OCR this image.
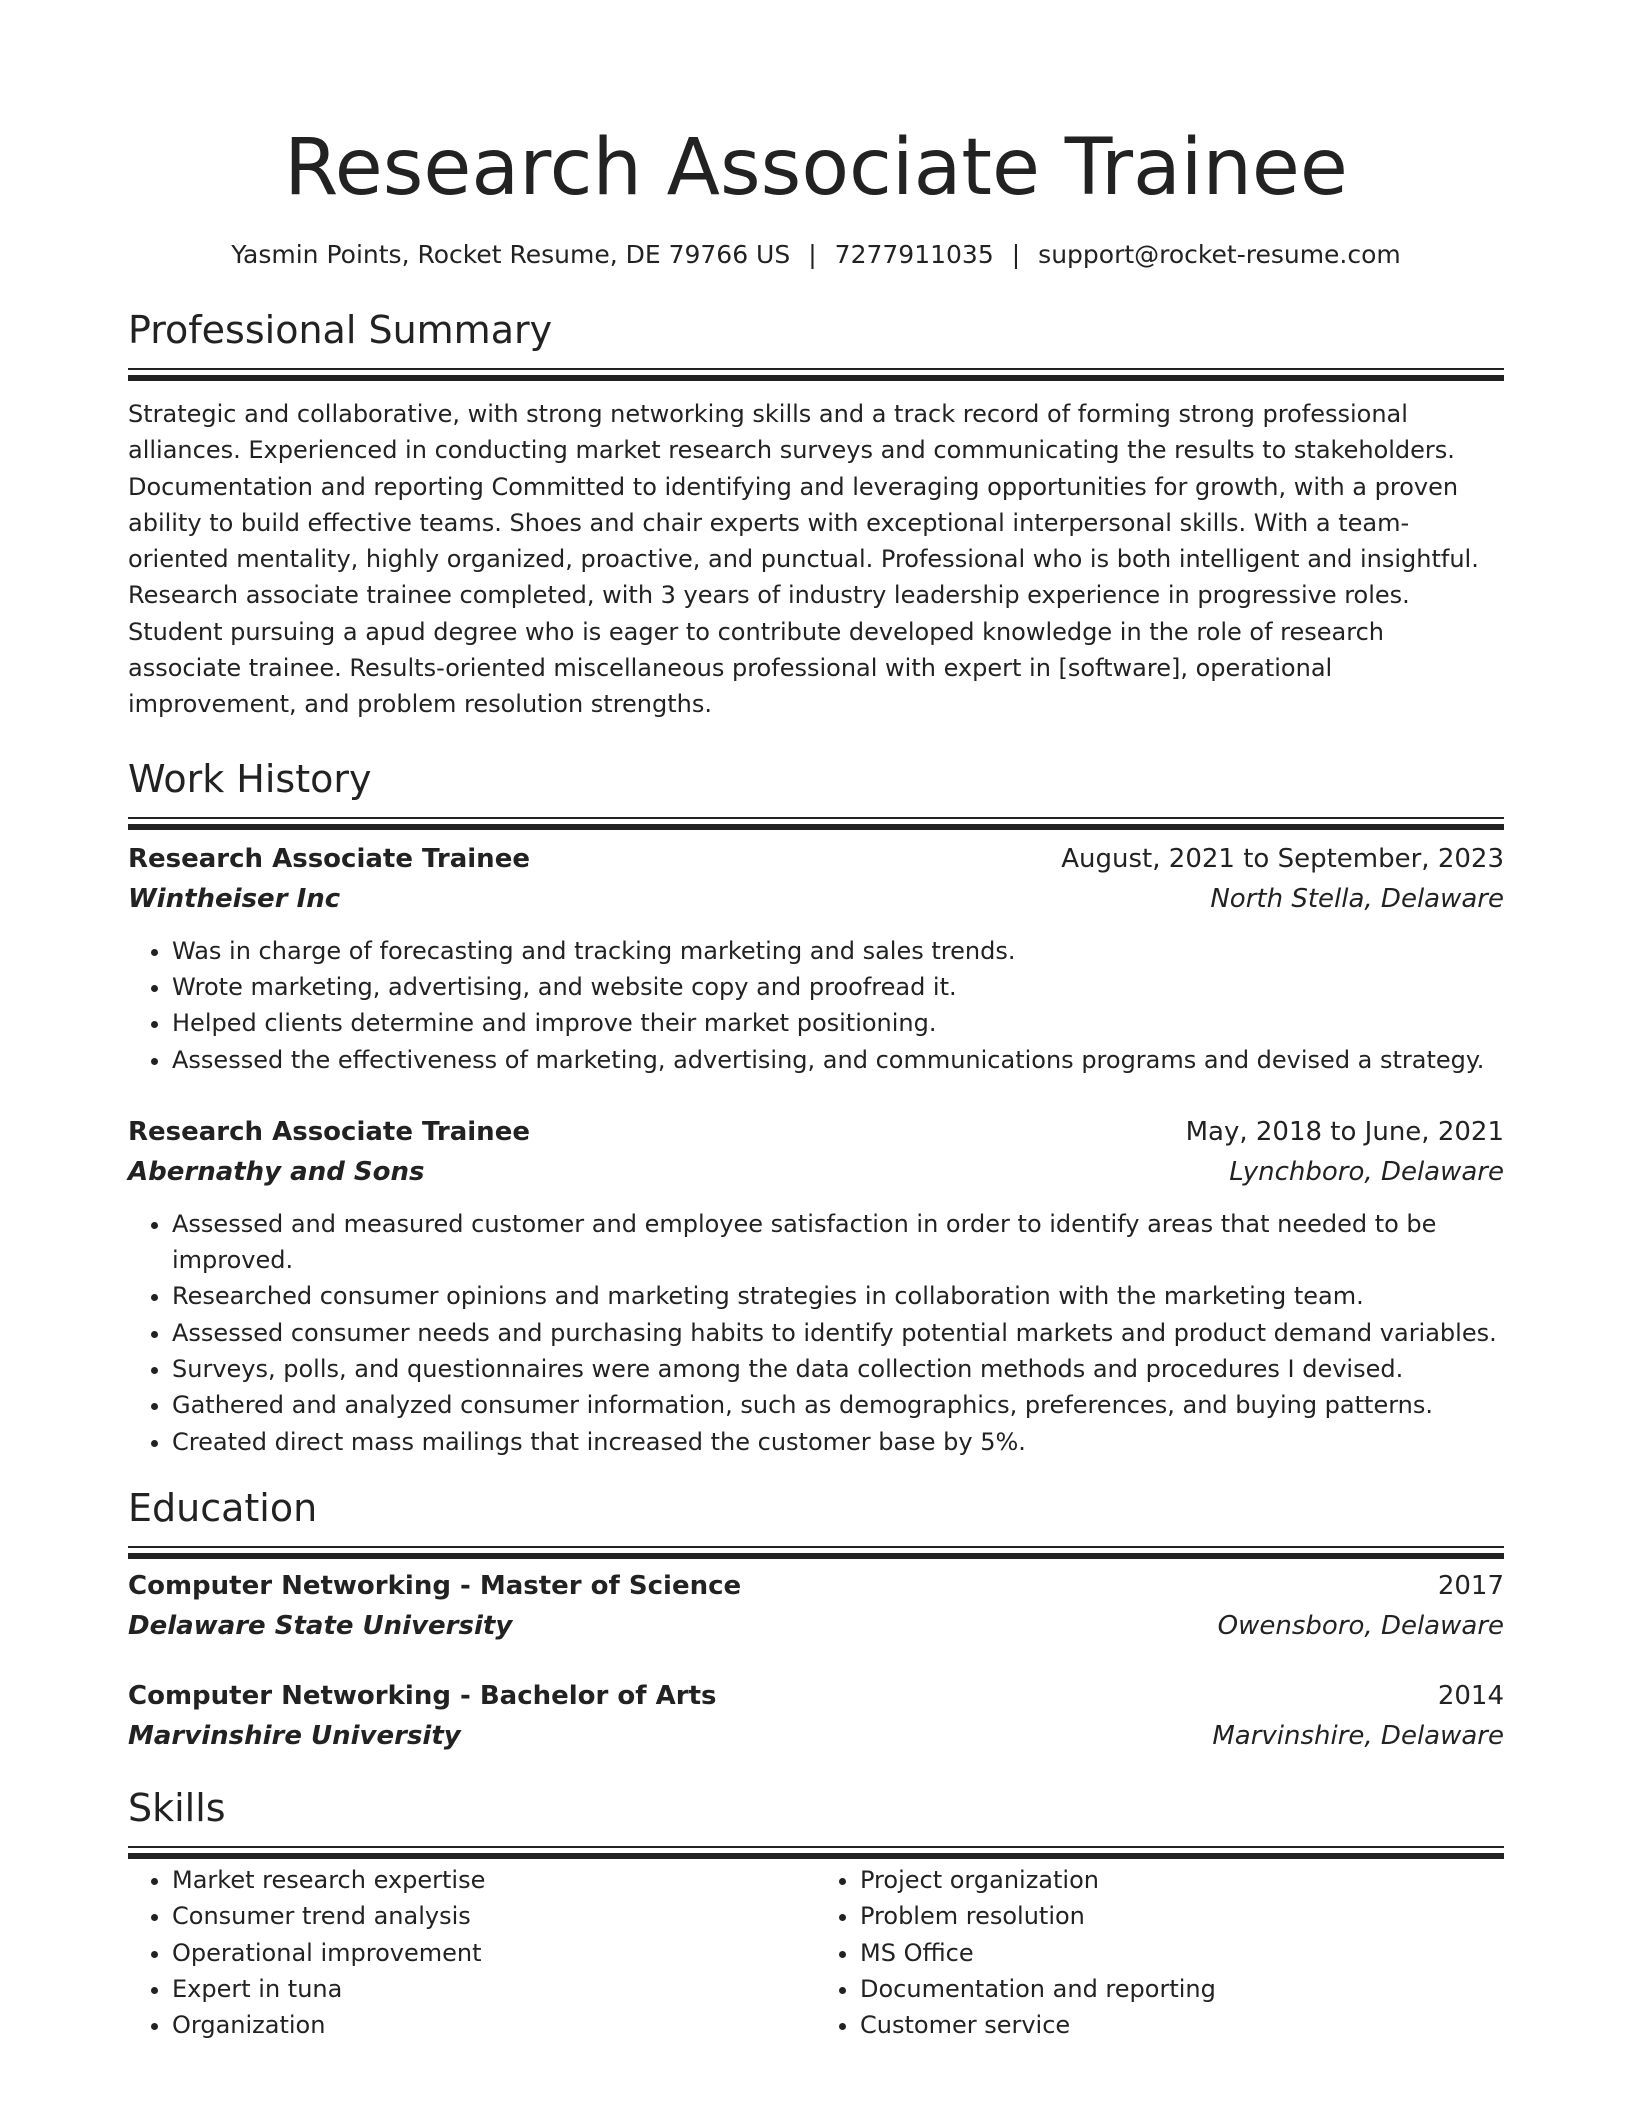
Research Associate Trainee
Yasmin Points, Rocket Resume, DE 79766 US | 7277911035 | support@rocket-resume.com
Professional Summary
Strategic and collaborative, with strong networking skills and a track record of forming strong professional alliances. Experienced in conducting market research surveys and communicating the results to stakeholders. Documentation and reporting Committed to identifying and leveraging opportunities for growth, with a proven ability to build effective teams. Shoes and chair experts with exceptional interpersonal skills. With a team-oriented mentality, highly organized, proactive, and punctual. Professional who is both intelligent and insightful. Research associate trainee completed, with 3 years of industry leadership experience in progressive roles. Student pursuing a apud degree who is eager to contribute developed knowledge in the role of research associate trainee. Results-oriented miscellaneous professional with expert in [software], operational improvement, and problem resolution strengths.
Work History
Research Associate Trainee	August, 2021 to September, 2023
Wintheiser Inc	North Stella, Delaware
• Was in charge of forecasting and tracking marketing and sales trends.
• Wrote marketing, advertising, and website copy and proofread it.
• Helped clients determine and improve their market positioning.
• Assessed the effectiveness of marketing, advertising, and communications programs and devised a strategy.
Research Associate Trainee	May, 2018 to June, 2021
Abernathy and Sons	Lynchboro, Delaware
• Assessed and measured customer and employee satisfaction in order to identify areas that needed to be improved.
• Researched consumer opinions and marketing strategies in collaboration with the marketing team.
• Assessed consumer needs and purchasing habits to identify potential markets and product demand variables.
• Surveys, polls, and questionnaires were among the data collection methods and procedures I devised.
• Gathered and analyzed consumer information, such as demographics, preferences, and buying patterns.
• Created direct mass mailings that increased the customer base by 5%.
Education
Computer Networking - Master of Science	2017
Delaware State University	Owensboro, Delaware
Computer Networking - Bachelor of Arts	2014
Marvinshire University	Marvinshire, Delaware
Skills
• Market research expertise
• Consumer trend analysis
• Operational improvement
• Expert in tuna
• Organization
• Project organization
• Problem resolution
• MS Office
• Documentation and reporting
• Customer service
